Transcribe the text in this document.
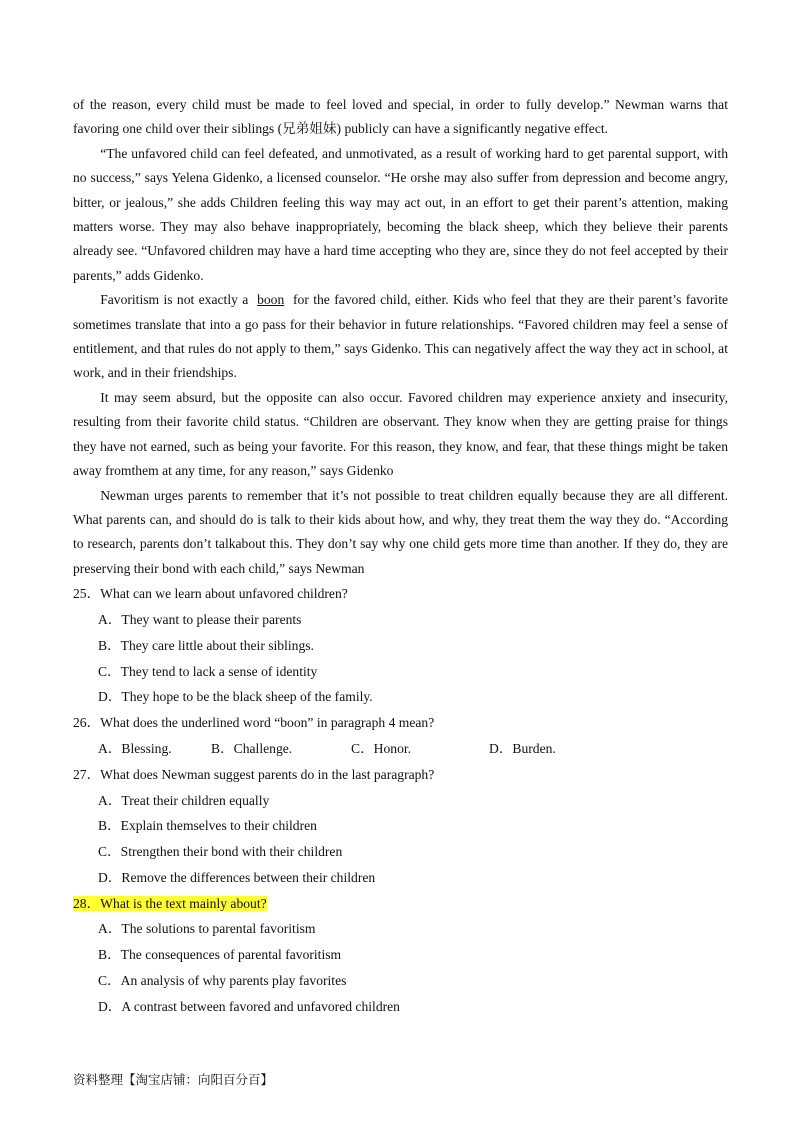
of the reason, every child must be made to feel loved and special, in order to fully develop.” Newman warns that favoring one child over their siblings (兄弟姐妹) publicly can have a significantly negative effect.

“The unfavored child can feel defeated, and unmotivated, as a result of working hard to get parental support, with no success,” says Yelena Gidenko, a licensed counselor. “He orshe may also suffer from depression and become angry, bitter, or jealous,” she adds Children feeling this way may act out, in an effort to get their parent’s attention, making matters worse. They may also behave inappropriately, becoming the black sheep, which they believe their parents already see. “Unfavored children may have a hard time accepting who they are, since they do not feel accepted by their parents,” adds Gidenko.

Favoritism is not exactly a boon for the favored child, either. Kids who feel that they are their parent’s favorite sometimes translate that into a go pass for their behavior in future relationships. “Favored children may feel a sense of entitlement, and that rules do not apply to them,” says Gidenko. This can negatively affect the way they act in school, at work, and in their friendships.

It may seem absurd, but the opposite can also occur. Favored children may experience anxiety and insecurity, resulting from their favorite child status. “Children are observant. They know when they are getting praise for things they have not earned, such as being your favorite. For this reason, they know, and fear, that these things might be taken away fromthem at any time, for any reason,” says Gidenko

Newman urges parents to remember that it’s not possible to treat children equally because they are all different. What parents can, and should do is talk to their kids about how, and why, they treat them the way they do. “According to research, parents don’t talkabout this. They don’t say why one child gets more time than another. If they do, they are preserving their bond with each child,” says Newman

25．What can we learn about unfavored children?

A．They want to please their parents

B．They care little about their siblings.

C．They tend to lack a sense of identity

D．They hope to be the black sheep of the family.

26．What does the underlined word “boon” in paragraph 4 mean?

A．Blessing.	B．Challenge.	C．Honor.	D．Burden.

27．What does Newman suggest parents do in the last paragraph?

A．Treat their children equally

B．Explain themselves to their children

C．Strengthen their bond with their children

D．Remove the differences between their children

28．What is the text mainly about?

A．The solutions to parental favoritism

B．The consequences of parental favoritism

C．An analysis of why parents play favorites

D．A contrast between favored and unfavored children

资料整理【淘宝店铺：向阳百分百】
